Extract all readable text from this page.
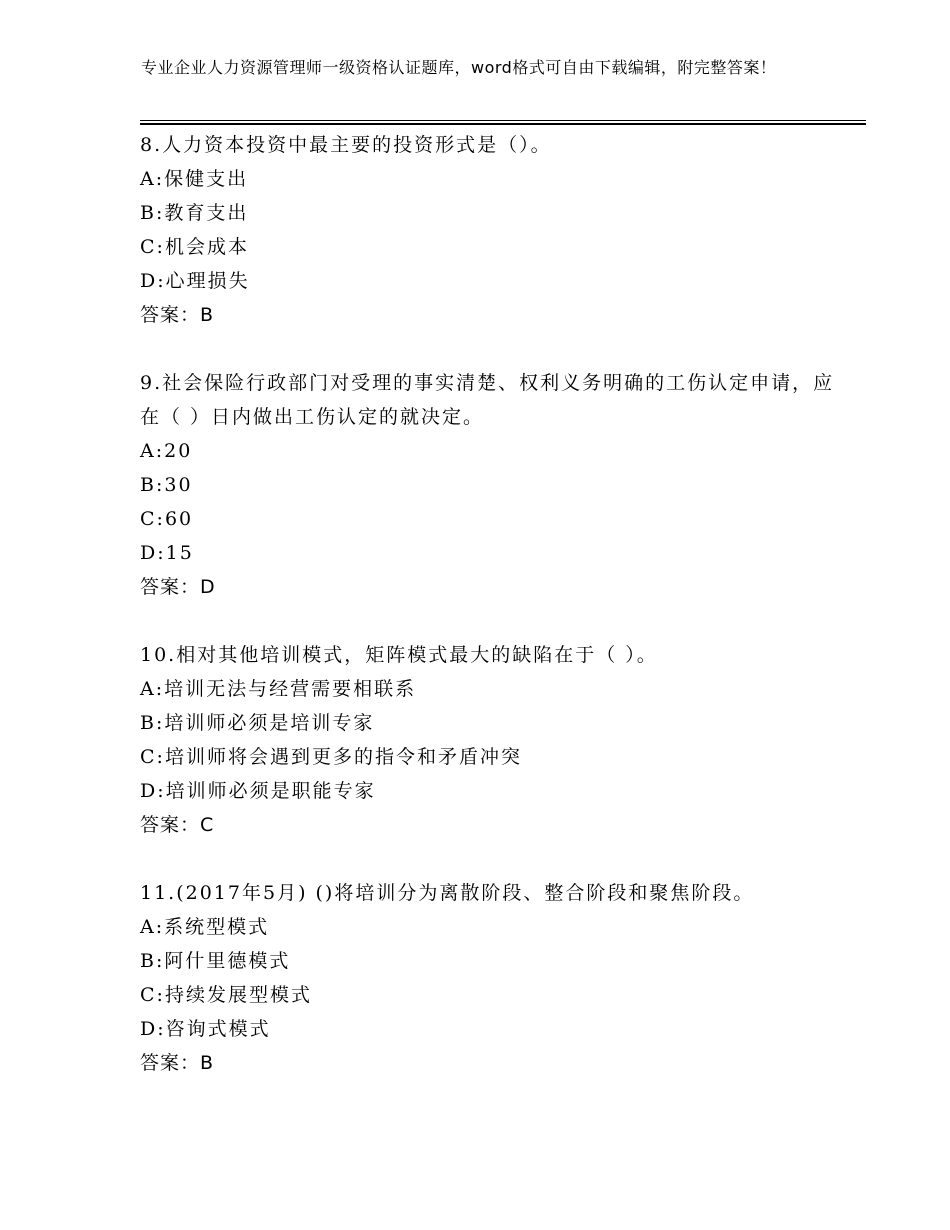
专业企业人力资源管理师一级资格认证题库，word格式可自由下载编辑，附完整答案！

8.人力资本投资中最主要的投资形式是（）。

A:保健支出

B:教育支出

C:机会成本

D:心理损失

答案：B

9.社会保险行政部门对受理的事实清楚、权利义务明确的工伤认定申请，应在（ ）日内做出工伤认定的就决定。

A:20

B:30

C:60

D:15

答案：D

10.相对其他培训模式，矩阵模式最大的缺陷在于（ ）。

A:培训无法与经营需要相联系

B:培训师必须是培训专家

C:培训师将会遇到更多的指令和矛盾冲突

D:培训师必须是职能专家

答案：C

11.(2017年5月) ()将培训分为离散阶段、整合阶段和聚焦阶段。

A:系统型模式

B:阿什里德模式

C:持续发展型模式

D:咨询式模式

答案：B
